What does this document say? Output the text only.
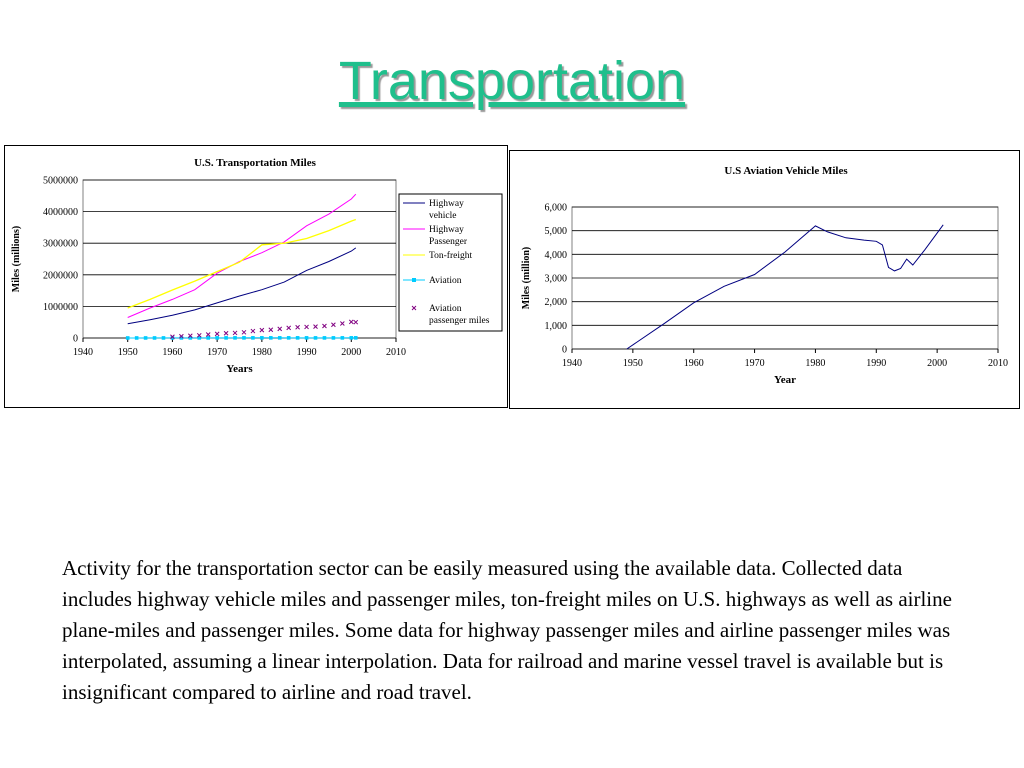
Transportation
U.S. Transportation Miles
0
1000000
2000000
3000000
4000000
5000000
1940 1950 1960 1970 1980 1990 2000 2010
Years
Miles (millions)
Highway
vehicle
Highway
Passenger
Ton-freight
Aviation
Aviation
passenger miles
U.S Aviation Vehicle Miles
0
1,000
2,000
3,000
4,000
5,000
6,000
1940	1950	1960	1970	1980	1990	2000	2010
Year
Miles (million)
Activity for the transportation sector can be easily measured using the available data. Collected data includes highway vehicle miles and passenger miles, ton-freight miles on U.S. highways as well as airline plane-miles and passenger miles. Some data for highway passenger miles and airline passenger miles was interpolated, assuming a linear interpolation. Data for railroad and marine vessel travel is available but is insignificant compared to airline and road travel.
